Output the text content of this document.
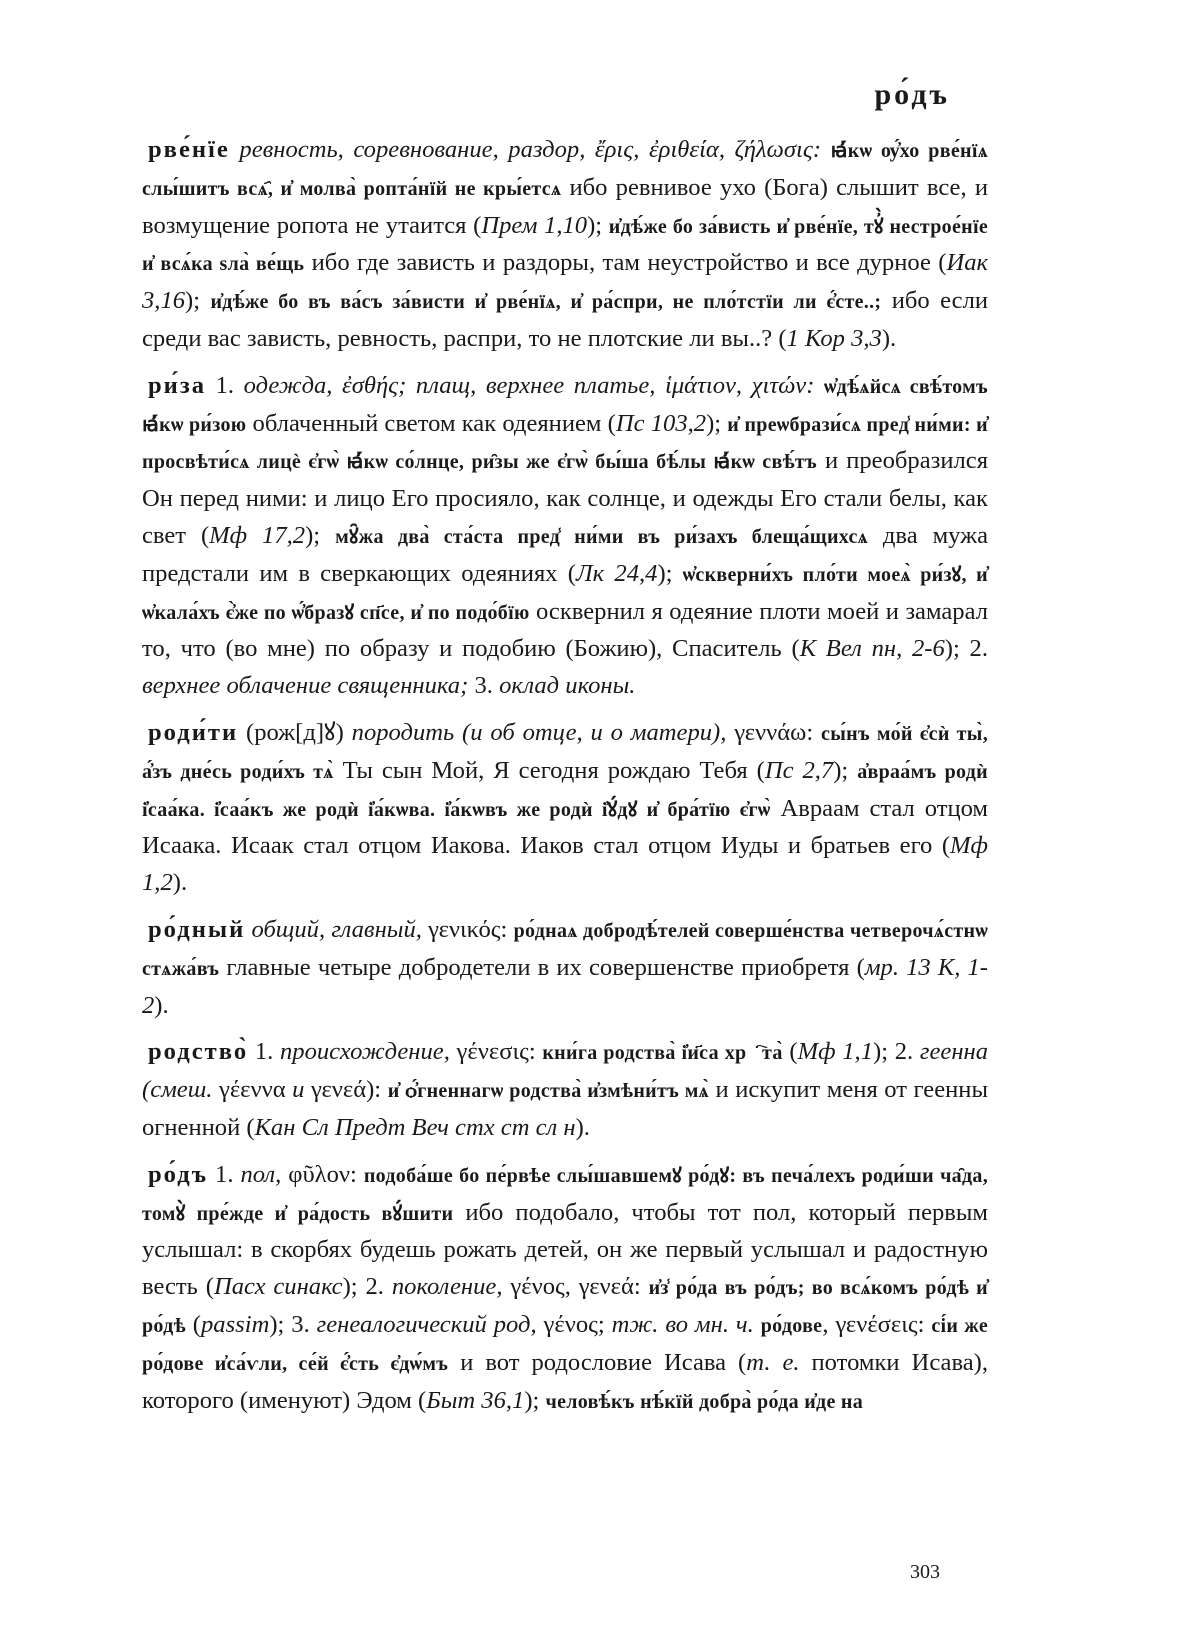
ро́дъ

рве́нїе ревность, соревнование, раздор, ἔρις, ἐριθεία, ζήλωσις: ꙗ҆́кѡ ѹ҆́хо рве́нїѧ слы́шитъ всѧ҄, и҆ молва̀ ропта́нїй не кры́етсѧ ибо ревнивое ухо (Бога) слышит все, и возмущение ропота не утаится (Прем 1,10); и҆дѣ́же бо за́висть и҆ рве́нїе, тꙋ҆̀ нестрое́нїе и҆ всѧ́ка ѕла̀ ве́щь ибо где зависть и раздоры, там неустройство и все дурное (Иак 3,16); и҆дѣ́же бо въ ва́съ за́висти и҆ рве́нїѧ, и҆ ра́спри, не пло́тстїи ли є҆́сте..; ибо если среди вас зависть, ревность, распри, то не плотские ли вы..? (1 Кор 3,3).

ри́за 1. одежда, ἐσθής; плащ, верхнее платье, ἱμάτιον, χιτών: ѡ҆дѣ́ѧйсѧ свѣ́томъ ꙗ҆́кѡ ри́зою облаченный светом как одеянием (Пс 103,2); и҆ преѡбрази́сѧ пред̾ ни́ми: и҆ просвѣти́сѧ лицѐ є҆гѡ̀ ꙗ҆́кѡ со́лнце, ри̑зы же є҆гѡ̀ бы́ша бѣ́лы ꙗ҆́кѡ свѣ́тъ и преобразился Он перед ними: и лицо Его просияло, как солнце, и одежды Его стали белы, как свет (Мф 17,2); мꙋ̑жа два̀ ста́ста пред̾ ни́ми въ ри́захъ блеща́щихсѧ два мужа предстали им в сверкающих одеяниях (Лк 24,4); ѡ҆скверни́хъ пло́ти моеѧ̀ ри́зꙋ, и҆ ѡ҆кала́хъ є҆̀же по ѡ҆́бразꙋ сп҃се, и҆ по подо́бїю осквернил я одеяние плоти моей и замарал то, что (во мне) по образу и подобию (Божию), Спаситель (К Вел пн, 2-6); 2. верхнее облачение священника; 3. оклад иконы.

роди́ти (рож[д]ꙋ) породить (и об отце, и о матери), γεννάω: сы́нъ мо́й є҆сѝ ты̀, а҆́зъ дне́сь роди́хъ тѧ̀ Ты сын Мой, Я сегодня рождаю Тебя (Пс 2,7); а҆враа́мъ родѝ і҆саа́ка. і҆саа́къ же родѝ і҆а́кѡва. і҆а́кѡвъ же родѝ і҆ꙋ́дꙋ и҆ бра́тїю є҆гѡ̀ Авраам стал отцом Исаака. Исаак стал отцом Иакова. Иаков стал отцом Иуды и братьев его (Мф 1,2).

ро́дный общий, главный, γενικός: ро́днаѧ добродѣ́телей соверше́нства четверочѧ́стнѡ стѧжа́въ главные четыре добродетели в их совершенстве приобретя (мр. 13 К, 1-2).

родство̀ 1. происхождение, γένεσις: кни́га родства̀ і҆и҃са хрⷭ҇та̀ (Мф 1,1); 2. геенна (смеш. γέεννα и γενεά): и҆ ѻ҆́гненнагѡ родства̀ и҆змѣни́тъ мѧ̀ и искупит меня от геенны огненной (Кан Сл Предт Веч стх ст сл н).

ро́дъ 1. пол, φῦλον: подоба́ше бо пе́рвѣе слы́шавшемꙋ ро́дꙋ: въ печа́лехъ роди́ши ча̑да, томꙋ̀ пре́жде и҆ ра́дость вꙋ́шити ибо подобало, чтобы тот пол, который первым услышал: в скорбях будешь рожать детей, он же первый услышал и радостную весть (Пасх синакс); 2. поколение, γένος, γενεά: и҆з̾ ро́да въ ро́дъ; во всѧ́комъ ро́дѣ и҆ ро́дѣ (passim); 3. генеалогический род, γένος; тж. во мн. ч. ро́дове, γενέσεις: сі́и же ро́дове и҆са́ѵли, се́й є҆́сть є҆дѡ́мъ и вот родословие Исава (т. е. потомки Исава), которого (именуют) Эдом (Быт 36,1); человѣ́къ нѣ́кїй добра̀ ро́да и҆де на

303
